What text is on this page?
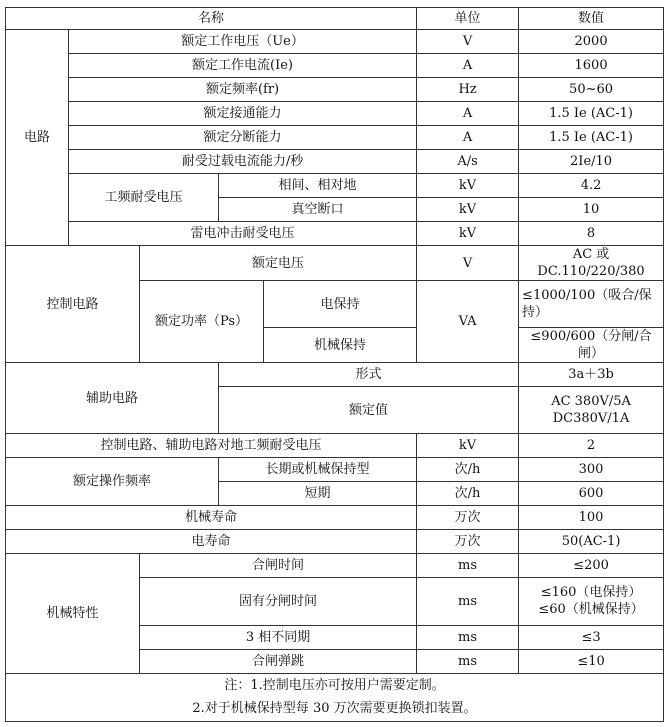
名称					单位	数值
电路	额定工作电压（Ue）				V	2000
	额定工作电流(Ie)				A	1600
	额定频率(fr)				Hz	50~60
	额定接通能力				A	1.5 Ie (AC-1)
	额定分断能力				A	1.5 Ie (AC-1)
	耐受过载电流能力/秒				A/s	2Ie/10
	工频耐受电压		相间、相对地		kV	4.2
			真空断口		kV	10
	雷电冲击耐受电压				kV	8
控制电路		额定电压			V	AC 或 DC.110/220/380
		额定功率（Ps）		电保持	VA	≤1000/100（吸合/保
持）
				机械保持		≤900/600（分闸/合闸）
辅助电路			形式			3a＋3b
			额定值			AC 380V/5A
DC380V/1A
控制电路、辅助电路对地工频耐受电压					kV	2
额定操作频率			长期或机械保持型		次/h	300
			短期		次/h	600
机械寿命					万次	100
电寿命					万次	50(AC-1)
机械特性		合闸时间			ms	≤200
		固有分闸时间			ms	≤160（电保持）
≤60（机械保持）
		3 相不同期			ms	≤3
		合闸弹跳			ms	≤10

注：1.控制电压亦可按用户需要定制。
2.对于机械保持型每 30 万次需要更换锁扣装置。						
